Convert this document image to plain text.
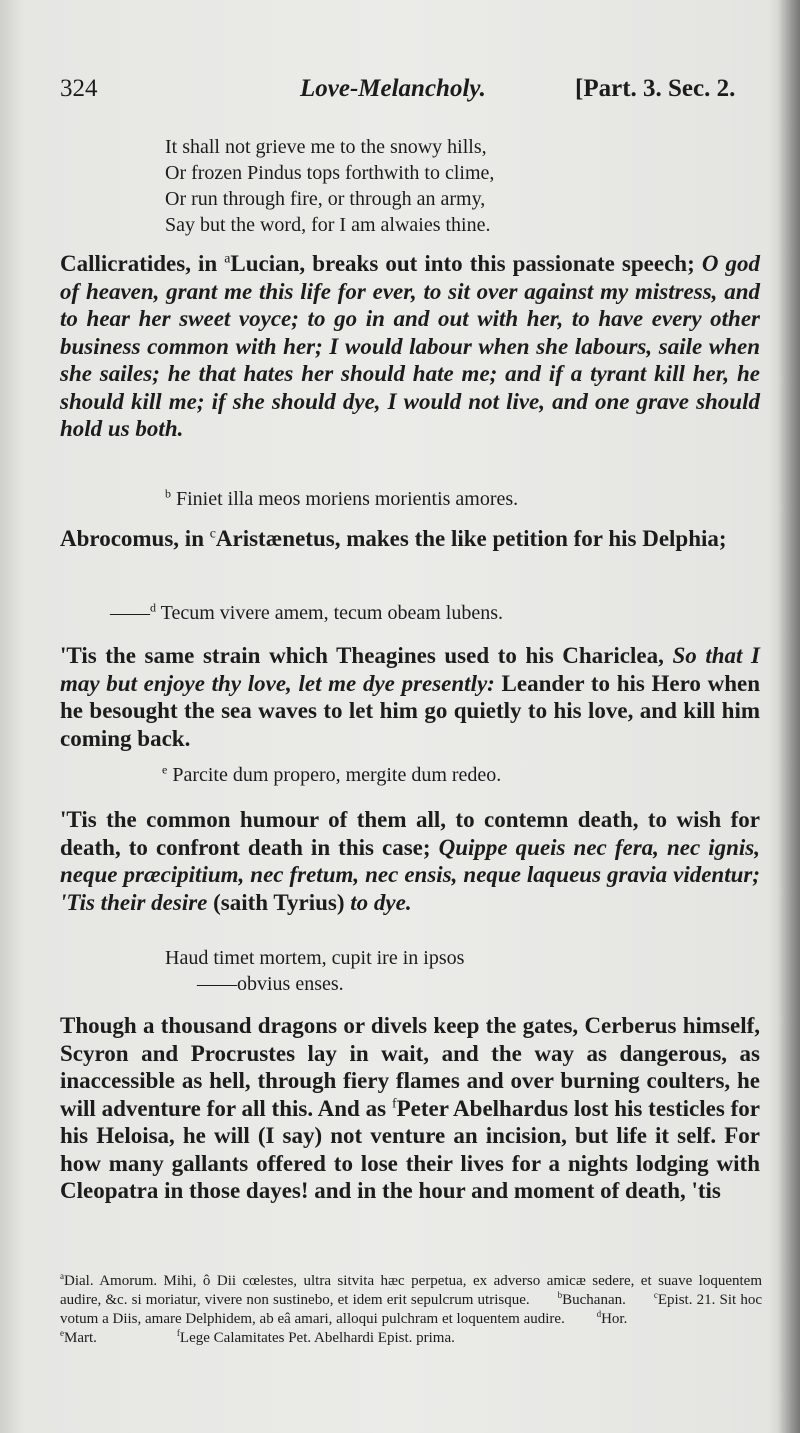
324	Love-Melancholy.	[Part. 3. Sec. 2.
It shall not grieve me to the snowy hills,
Or frozen Pindus tops forthwith to clime,
Or run through fire, or through an army,
Say but the word, for I am alwaies thine.
Callicratides, in $^a$Lucian, breaks out into this passionate speech; O god of heaven, grant me this life for ever, to sit over against my mistress, and to hear her sweet voyce; to go in and out with her, to have every other business common with her; I would labour when she labours, saile when she sailes; he that hates her should hate me; and if a tyrant kill her, he should kill me; if she should dye, I would not live, and one grave should hold us both.
$^b$ Finiet illa meos moriens morientis amores.
Abrocomus, in $^c$Aristænetus, makes the like petition for his Delphia;
——$^d$ Tecum vivere amem, tecum obeam lubens.
'Tis the same strain which Theagines used to his Chariclea, So that I may but enjoye thy love, let me dye presently: Leander to his Hero when he besought the sea waves to let him go quietly to his love, and kill him coming back.
$^e$ Parcite dum propero, mergite dum redeo.
'Tis the common humour of them all, to contemn death, to wish for death, to confront death in this case; Quippe queis nec fera, nec ignis, neque præcipitium, nec fretum, nec ensis, neque laqueus gravia videntur; 'Tis their desire (saith Tyrius) to dye.
Haud timet mortem, cupit ire in ipsos
——obvius enses.
Though a thousand dragons or divels keep the gates, Cerberus himself, Scyron and Procrustes lay in wait, and the way as dangerous, as inaccessible as hell, through fiery flames and over burning coulters, he will adventure for all this. And as $^f$Peter Abelhardus lost his testicles for his Heloisa, he will (I say) not venture an incision, but life it self. For how many gallants offered to lose their lives for a nights lodging with Cleopatra in those dayes! and in the hour and moment of death, 'tis
$^a$Dial. Amorum. Mihi, ô Dii cœlestes, ultra sitvita hæc perpetua, ex adverso amicæ sedere, et suave loquentem audire, &c. si moriatur, vivere non sustinebo, et idem erit sepulcrum utrisque.	$^b$Buchanan.	$^c$Epist. 21. Sit hoc votum a Diis, amare Delphidem, ab eâ amari, alloqui pulchram et loquentem audire.	$^d$Hor.
$^e$Mart.	$^f$Lege Calamitates Pet. Abelhardi Epist. prima.
